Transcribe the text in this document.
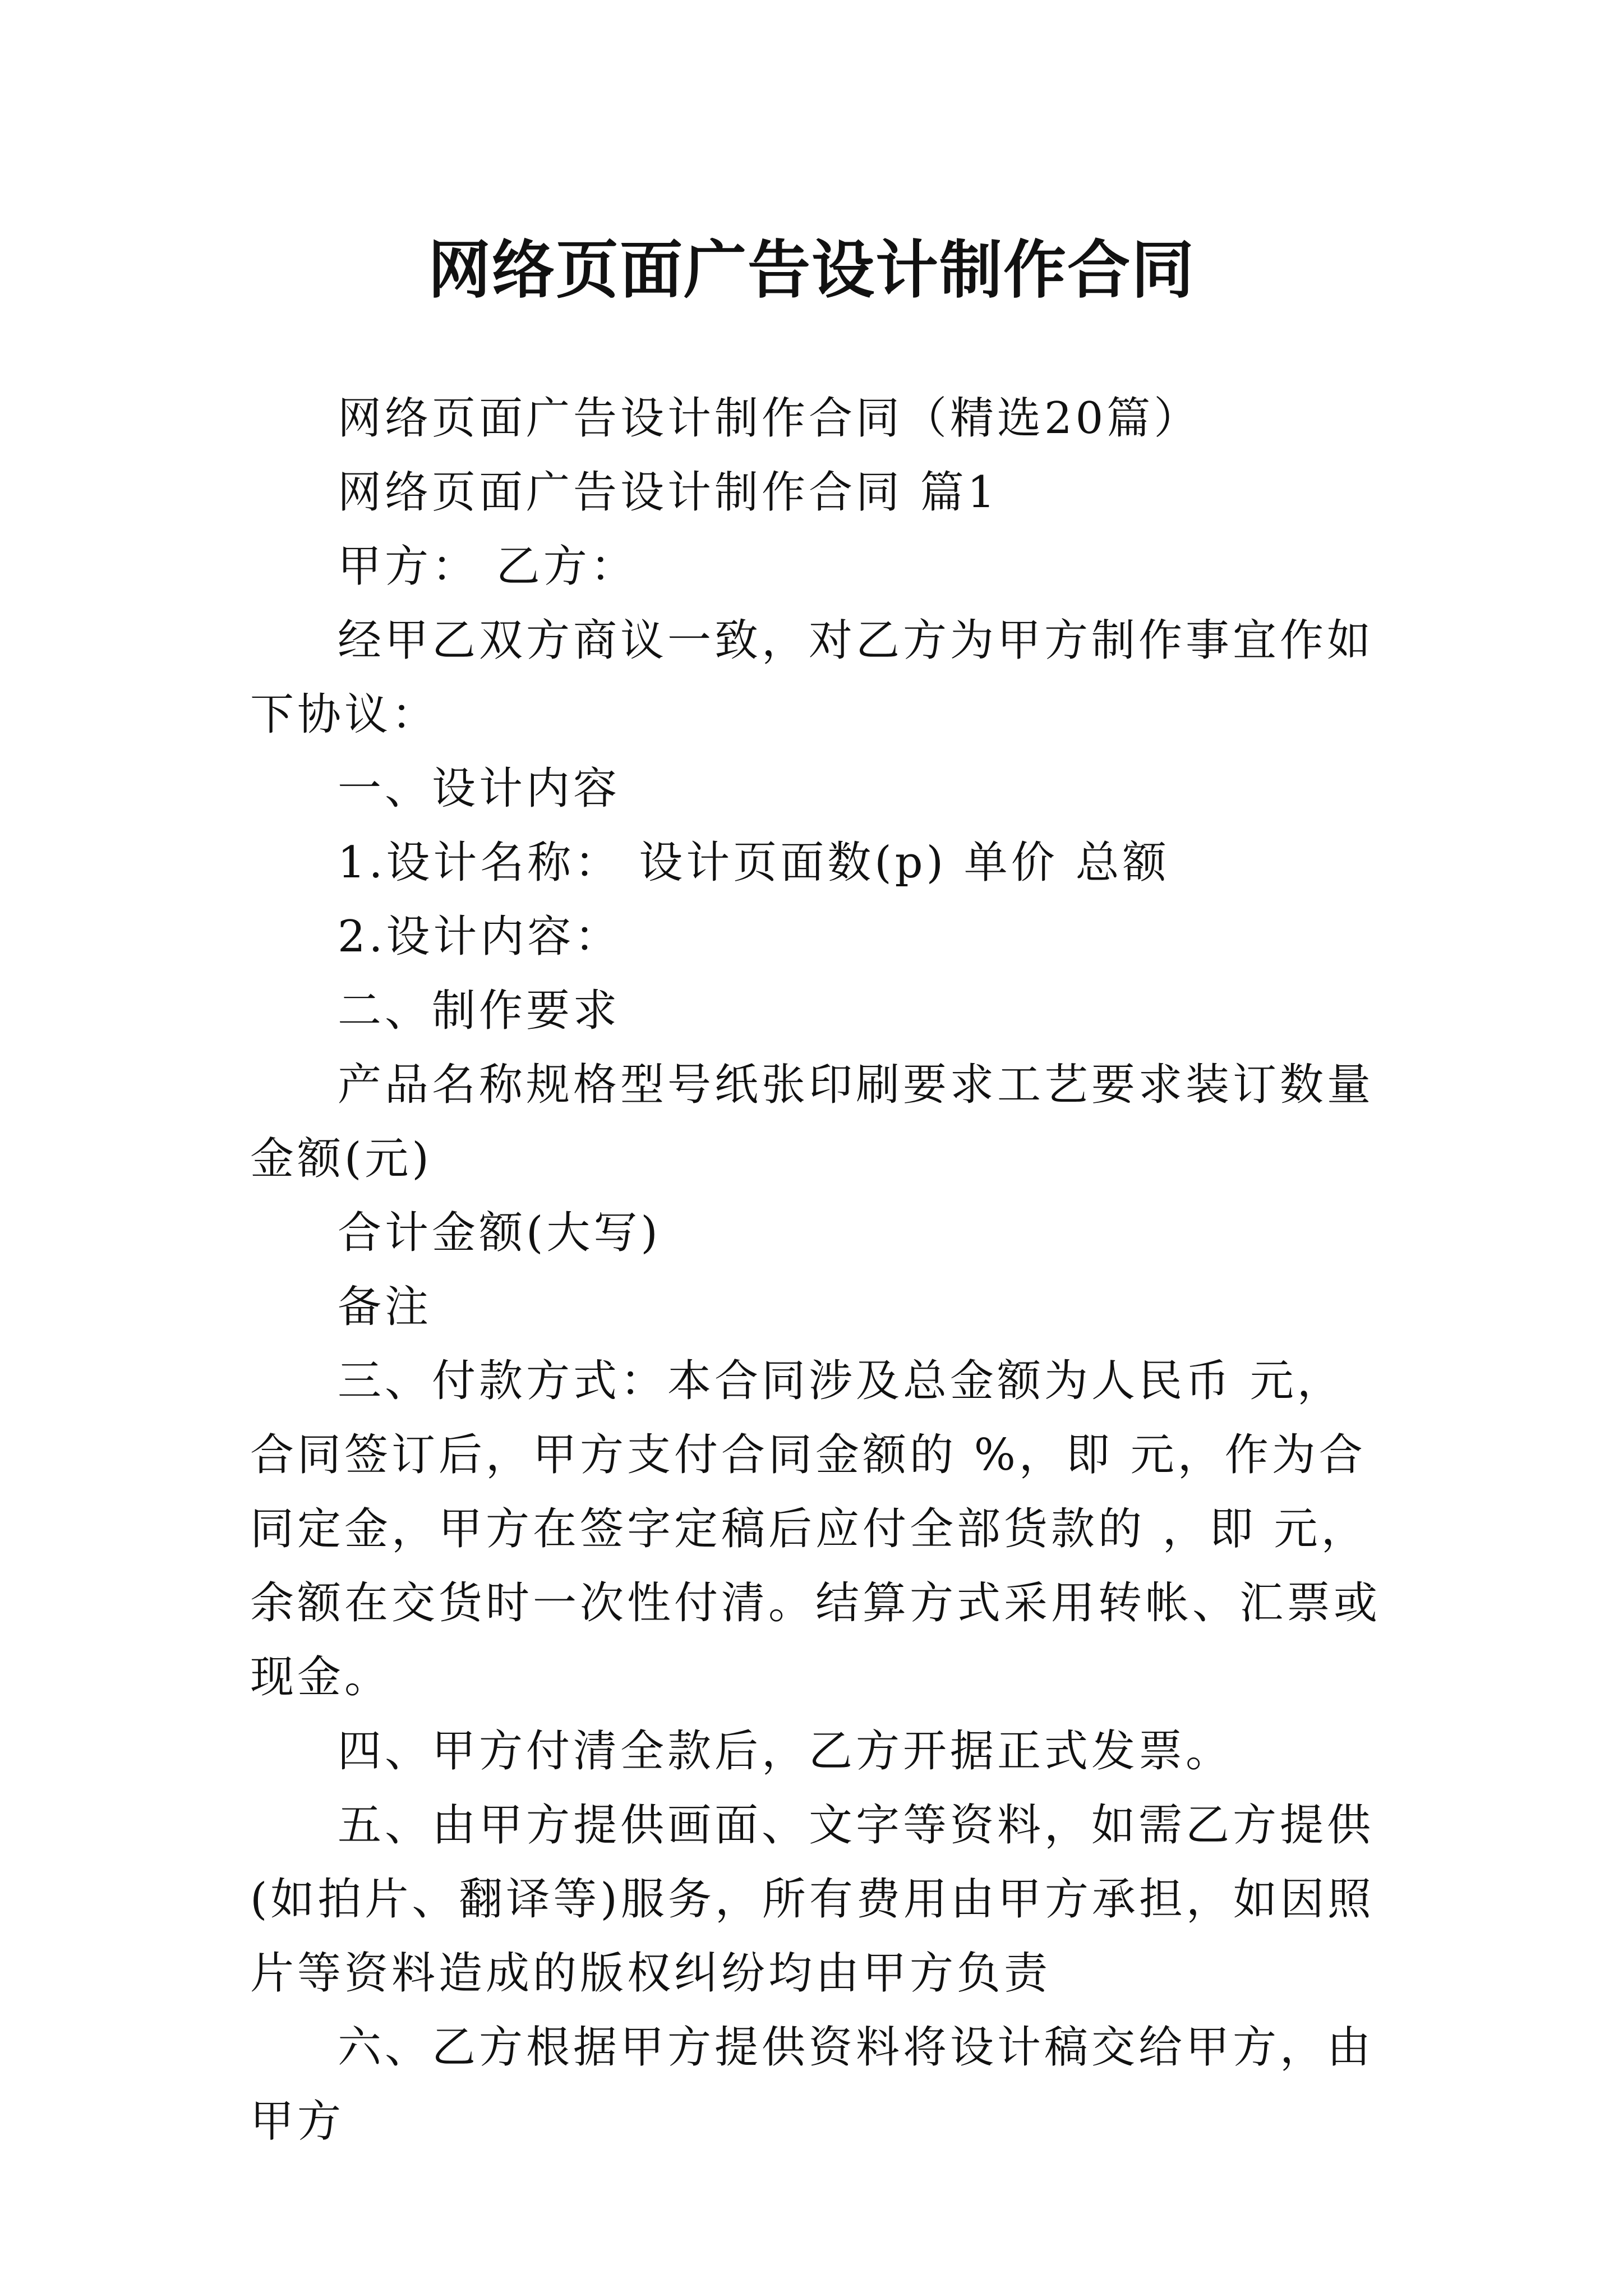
网络页面广告设计制作合同

网络页面广告设计制作合同（精选20篇）

网络页面广告设计制作合同 篇1

甲方： 乙方：

经甲乙双方商议一致，对乙方为甲方制作事宜作如下协议：

一、设计内容

1.设计名称： 设计页面数(p) 单价 总额

2.设计内容：

二、制作要求

产品名称规格型号纸张印刷要求工艺要求装订数量金额(元)

合计金额(大写)

备注

三、付款方式：本合同涉及总金额为人民币 元，合同签订后，甲方支付合同金额的 %，即 元，作为合同定金，甲方在签字定稿后应付全部货款的 ，即 元，余额在交货时一次性付清。结算方式采用转帐、汇票或现金。

四、甲方付清全款后，乙方开据正式发票。

五、由甲方提供画面、文字等资料，如需乙方提供(如拍片、翻译等)服务，所有费用由甲方承担，如因照片等资料造成的版权纠纷均由甲方负责

六、乙方根据甲方提供资料将设计稿交给甲方，由甲方
